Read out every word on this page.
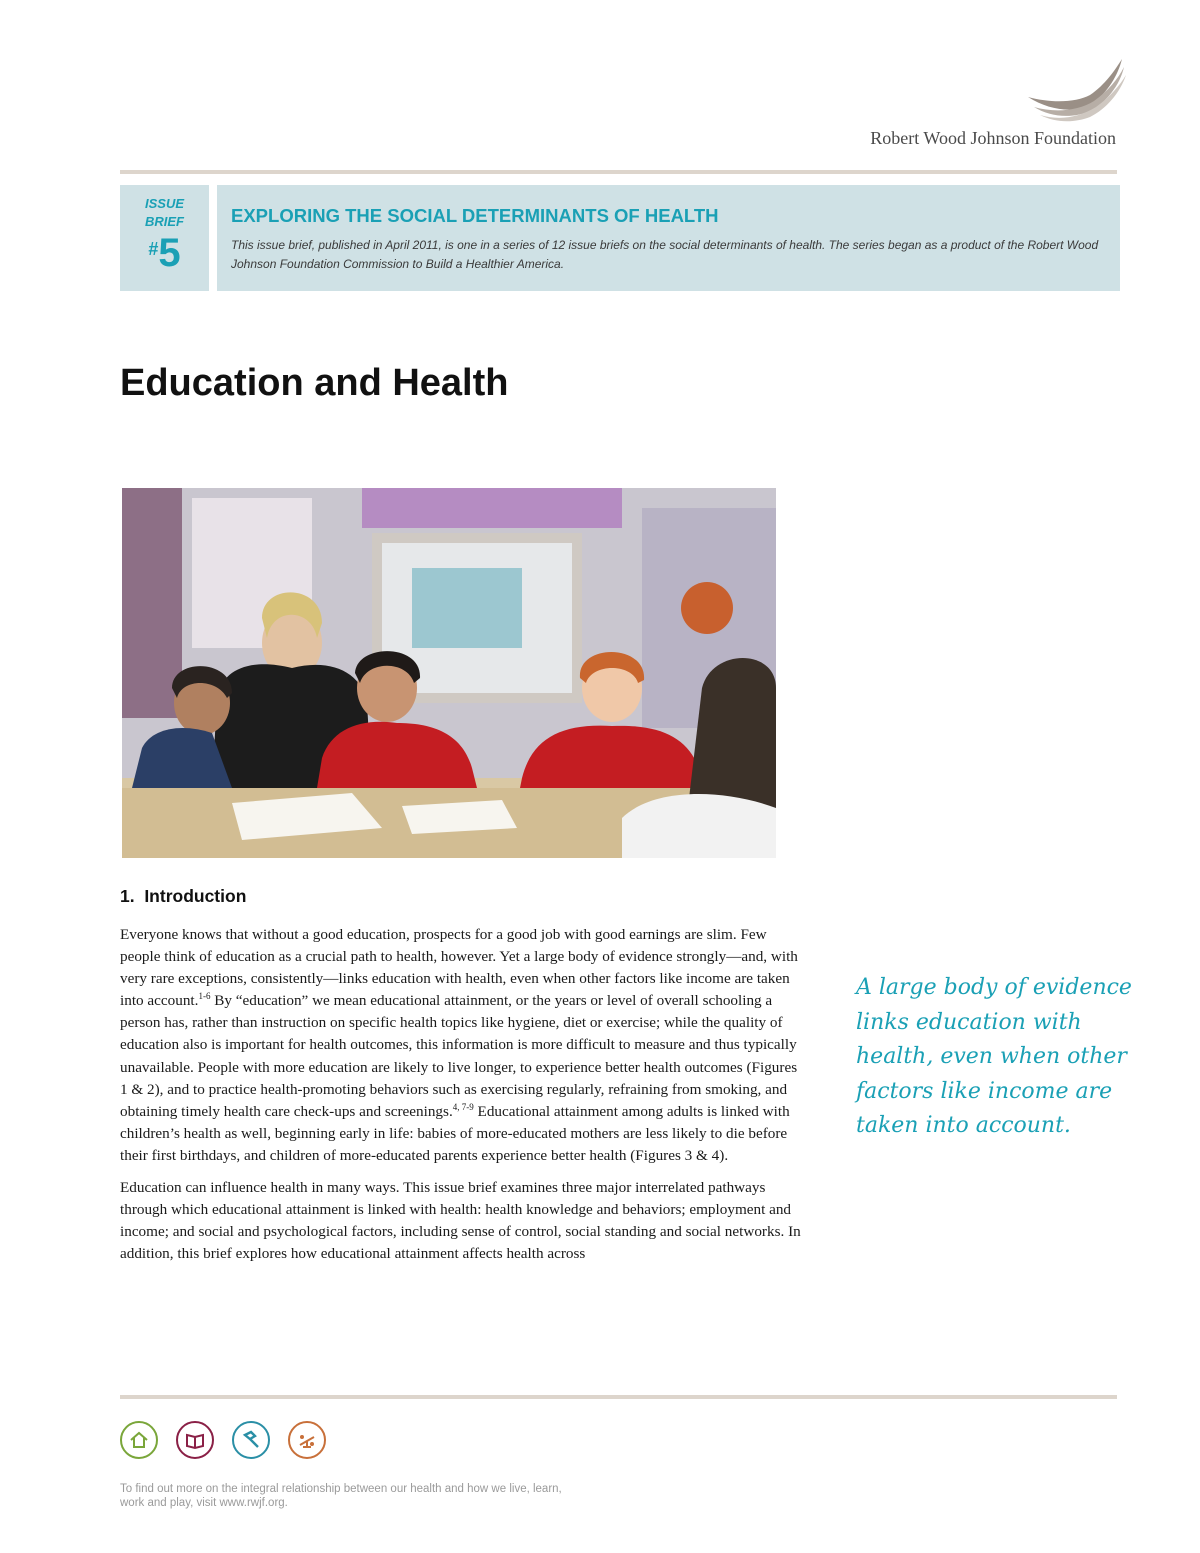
Robert Wood Johnson Foundation
ISSUE
BRIEF
#5
EXPLORING THE SOCIAL DETERMINANTS OF HEALTH

This issue brief, published in April 2011, is one in a series of 12 issue briefs on the social determinants of health. The series began as a product of the Robert Wood Johnson Foundation Commission to Build a Healthier America.

Education and Health
1.  Introduction

Everyone knows that without a good education, prospects for a good job with good earnings are slim. Few people think of education as a crucial path to health, however. Yet a large body of evidence strongly—and, with very rare exceptions, consistently—links education with health, even when other factors like income are taken into account.$^{1-6}$ By “education” we mean educational attainment, or the years or level of overall schooling a person has, rather than instruction on specific health topics like hygiene, diet or exercise; while the quality of education also is important for health outcomes, this information is more difficult to measure and thus typically unavailable. People with more education are likely to live longer, to experience better health outcomes (Figures 1 & 2), and to practice health-promoting behaviors such as exercising regularly, refraining from smoking, and obtaining timely health care check-ups and screenings.$^{4, 7-9}$ Educational attainment among adults is linked with children’s health as well, beginning early in life: babies of more-educated mothers are less likely to die before their first birthdays, and children of more-educated parents experience better health (Figures 3 & 4).

Education can influence health in many ways. This issue brief examines three major interrelated pathways through which educational attainment is linked with health: health knowledge and behaviors; employment and income; and social and psychological factors, including sense of control, social standing and social networks. In addition, this brief explores how educational attainment affects health across

A large body of evidence links education with health, even when other factors like income are taken into account.
To find out more on the integral relationship between our health and how we live, learn, work and play, visit www.rwjf.org.
